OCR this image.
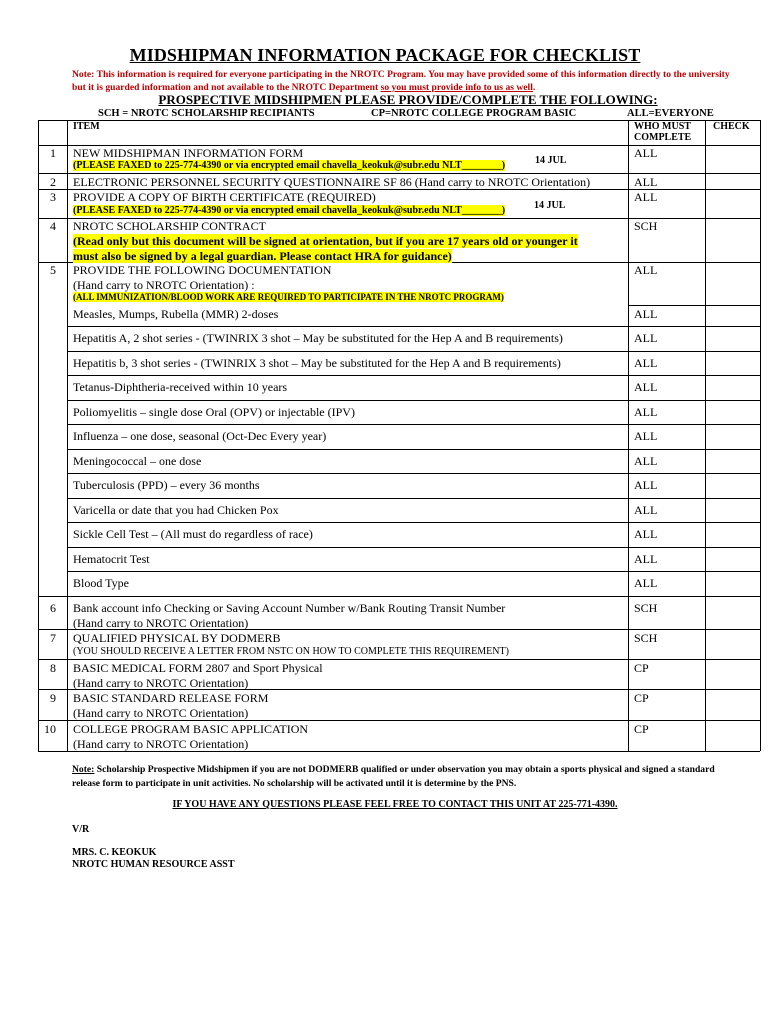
MIDSHIPMAN INFORMATION PACKAGE FOR CHECKLIST
Note: This information is required for everyone participating in the NROTC Program. You may have provided some of this information directly to the university but it is guarded information and not available to the NROTC Department so you must provide info to us as well.
PROSPECTIVE MIDSHIPMEN PLEASE PROVIDE/COMPLETE THE FOLLOWING:
SCH = NROTC SCHOLARSHIP RECIPIANTS	CP=NROTC COLLEGE PROGRAM BASIC	ALL=EVERYONE
ITEM	WHO MUST
COMPLETE
CHECK
1 NEW MIDSHIPMAN INFORMATION FORM
(PLEASE FAXED to 225-774-4390 or via encrypted email chavella_keokuk@subr.edu NLT________)	14 JUL
ALL
2 ELECTRONIC PERSONNEL SECURITY QUESTIONNAIRE SF 86 (Hand carry to NROTC Orientation)	ALL
3 PROVIDE A COPY OF BIRTH CERTIFICATE (REQUIRED)
(PLEASE FAXED to 225-774-4390 or via encrypted email chavella_keokuk@subr.edu NLT________)	14 JUL
ALL
4 NROTC SCHOLARSHIP CONTRACT
(Read only but this document will be signed at orientation, but if you are 17 years old or younger it
must also be signed by a legal guardian. Please contact HRA for guidance)
SCH
5 PROVIDE THE FOLLOWING DOCUMENTATION
(Hand carry to NROTC Orientation) :
(ALL IMMUNIZATION/BLOOD WORK ARE REQUIRED TO PARTICIPATE IN THE NROTC PROGRAM)
ALL
Measles, Mumps, Rubella (MMR) 2-doses	ALL
Hepatitis A, 2 shot series - (TWINRIX 3 shot – May be substituted for the Hep A and B requirements)	ALL
Hepatitis b, 3 shot series - (TWINRIX 3 shot – May be substituted for the Hep A and B requirements)	ALL
Tetanus-Diphtheria-received within 10 years	ALL
Poliomyelitis – single dose Oral (OPV) or injectable (IPV)	ALL
Influenza – one dose, seasonal (Oct-Dec Every year)	ALL
Meningococcal – one dose	ALL
Tuberculosis (PPD) – every 36 months	ALL
Varicella or date that you had Chicken Pox	ALL
Sickle Cell Test – (All must do regardless of race)	ALL
Hematocrit Test	ALL
Blood Type	ALL
6 Bank account info Checking or Saving Account Number w/Bank Routing Transit Number
(Hand carry to NROTC Orientation)
SCH
7 QUALIFIED PHYSICAL BY DODMERB
(YOU SHOULD RECEIVE A LETTER FROM NSTC ON HOW TO COMPLETE THIS REQUIREMENT)
SCH
8 BASIC MEDICAL FORM 2807 and Sport Physical
(Hand carry to NROTC Orientation)
CP
9 BASIC STANDARD RELEASE FORM
(Hand carry to NROTC Orientation)
CP
10 COLLEGE PROGRAM BASIC APPLICATION
(Hand carry to NROTC Orientation)
CP
Note: Scholarship Prospective Midshipmen if you are not DODMERB qualified or under observation you may obtain a sports physical and signed a standard release form to participate in unit activities. No scholarship will be activated until it is determine by the PNS.
IF YOU HAVE ANY QUESTIONS PLEASE FEEL FREE TO CONTACT THIS UNIT AT 225-771-4390.
V/R
MRS. C. KEOKUK
NROTC HUMAN RESOURCE ASST
